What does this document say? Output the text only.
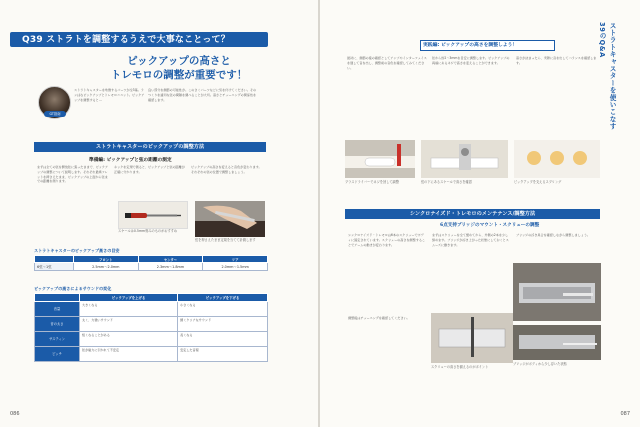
Q39 ストラトを調整するうえで大事なことって？
ピックアップの高さと
トレモロの調整が重要です！
GT指南
ストラトキャスターを象徴するパーツが全3基。ランばなピックアップとトレモロユニット。ピックアップを調整すると...
良い部分を調節の可能性が。このさくパーツなどに気を付けてください。そのつくりを適切な弦の間隔を調べることが大切。高さとチューニングの関係性を確認します。
ストラトキャスターのピックアップの調整方法
準備編: ピックアップと弦の距離の測定
まずは全ての弦を開放弦に張ったままで、ピックアップの調整について説明します。それぞれ最終フレットを押さえたまま、ピックアップの上面から弦までの距離を測ります。
ネックを定規で測ると、ピックアップと弦の距離が正確に分かります。
ピックアップの高さを変えると音色が変わります。それぞれの弦の位置で調整しましょう。
スケールは0.5mm刻みのものがおすすめ
弦を押さえたまま定規を当てて計測します
ストラトキャスターのピックアップ高さの目安
	フロント	センター	リア
6弦〜1弦	2.5mm〜2.0mm	2.3mm〜1.8mm	2.0mm〜1.5mm
ピックアップの高さによるサウンドの変化
	ピックアップを上げる	ピックアップを下げる
音量	大きくなる	小さくなる
音の太さ	太く、力強いサウンド	細くクリアなサウンド
サスティン	短くなることがある	長くなる
ピッチ	弦が磁力に引かれて不安定	安定した音程
086
ストラトキャスターを使いこなす39のQ&A
実践編: ピックアップの高さを調整しよう！
最初に、調節の後の確認としてアンプやインターフェイスを通して音を出し、調整前の音色を確認してみてください。
弦から約2〜3mmを目安に調整します。ピックアップの両端にあるネジで高さを変えることができます。
高さが決まったら、実際に音を出してバランスを確認します。
プラスドライバーでネジを回して調整	弦の下にあるスケールで高さを確認	ピックアップを支えるスプリング
シンクロナイズド・トレモロのメンテナンス/調整方法
6点支持ブリッジのマウント・スクリューの調整
シンクロナイズド・トレモロは6本のスクリューでボディに固定されています。スクリューの高さを調整することでアームの動きが変わります。
まずはスクリューを全て緩めてから、外側の2本を少し締めます。ブリッジが浮き上がった状態にしておくとスムーズに動きます。
ブリッジの浮き具合を確認しながら調整しましょう。
調整後はチューニングを確認してください。
スクリューの高さを揃えるのがポイント
ブリッジがボディから少し浮いた状態
087
